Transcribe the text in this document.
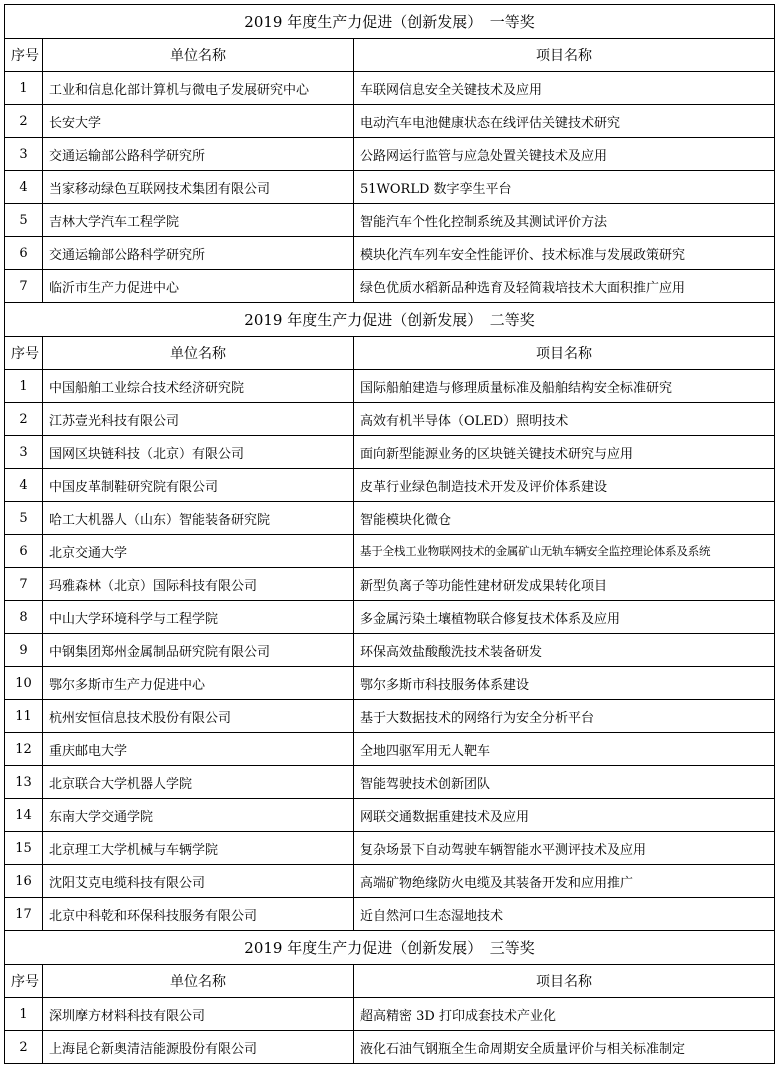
2019 年度生产力促进（创新发展）　一等奖		
序号	单位名称	项目名称
1	工业和信息化部计算机与微电子发展研究中心	车联网信息安全关键技术及应用
2	长安大学	电动汽车电池健康状态在线评估关键技术研究
3	交通运输部公路科学研究所	公路网运行监管与应急处置关键技术及应用
4	当家移动绿色互联网技术集团有限公司	51WORLD 数字孪生平台
5	吉林大学汽车工程学院	智能汽车个性化控制系统及其测试评价方法
6	交通运输部公路科学研究所	模块化汽车列车安全性能评价、技术标准与发展政策研究
7	临沂市生产力促进中心	绿色优质水稻新品种选育及轻简栽培技术大面积推广应用
2019 年度生产力促进（创新发展）　二等奖		
序号	单位名称	项目名称
1	中国船舶工业综合技术经济研究院	国际船舶建造与修理质量标准及船舶结构安全标准研究
2	江苏壹光科技有限公司	高效有机半导体（OLED）照明技术
3	国网区块链科技（北京）有限公司	面向新型能源业务的区块链关键技术研究与应用
4	中国皮革制鞋研究院有限公司	皮革行业绿色制造技术开发及评价体系建设
5	哈工大机器人（山东）智能装备研究院	智能模块化微仓
6	北京交通大学	基于全栈工业物联网技术的金属矿山无轨车辆安全监控理论体系及系统
7	玛雅森林（北京）国际科技有限公司	新型负离子等功能性建材研发成果转化项目
8	中山大学环境科学与工程学院	多金属污染土壤植物联合修复技术体系及应用
9	中钢集团郑州金属制品研究院有限公司	环保高效盐酸酸洗技术装备研发
10	鄂尔多斯市生产力促进中心	鄂尔多斯市科技服务体系建设
11	杭州安恒信息技术股份有限公司	基于大数据技术的网络行为安全分析平台
12	重庆邮电大学	全地四驱军用无人靶车
13	北京联合大学机器人学院	智能驾驶技术创新团队
14	东南大学交通学院	网联交通数据重建技术及应用
15	北京理工大学机械与车辆学院	复杂场景下自动驾驶车辆智能水平测评技术及应用
16	沈阳艾克电缆科技有限公司	高端矿物绝缘防火电缆及其装备开发和应用推广
17	北京中科乾和环保科技服务有限公司	近自然河口生态湿地技术
2019 年度生产力促进（创新发展）　三等奖		
序号	单位名称	项目名称
1	深圳摩方材料科技有限公司	超高精密 3D 打印成套技术产业化
2	上海昆仑新奥清洁能源股份有限公司	液化石油气钢瓶全生命周期安全质量评价与相关标准制定
